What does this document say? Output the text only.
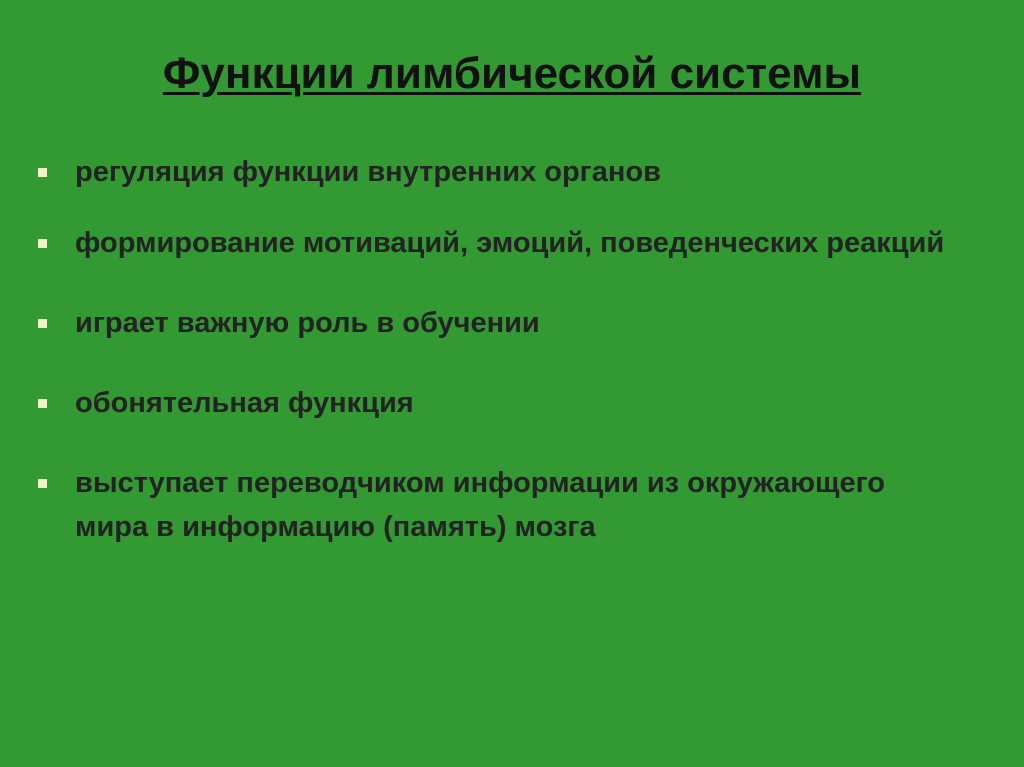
Функции лимбической системы
регуляция функции внутренних органов
формирование мотиваций, эмоций, поведенческих реакций
играет важную роль в обучении
обонятельная функция
выступает переводчиком информации из окружающего мира в информацию (память) мозга
